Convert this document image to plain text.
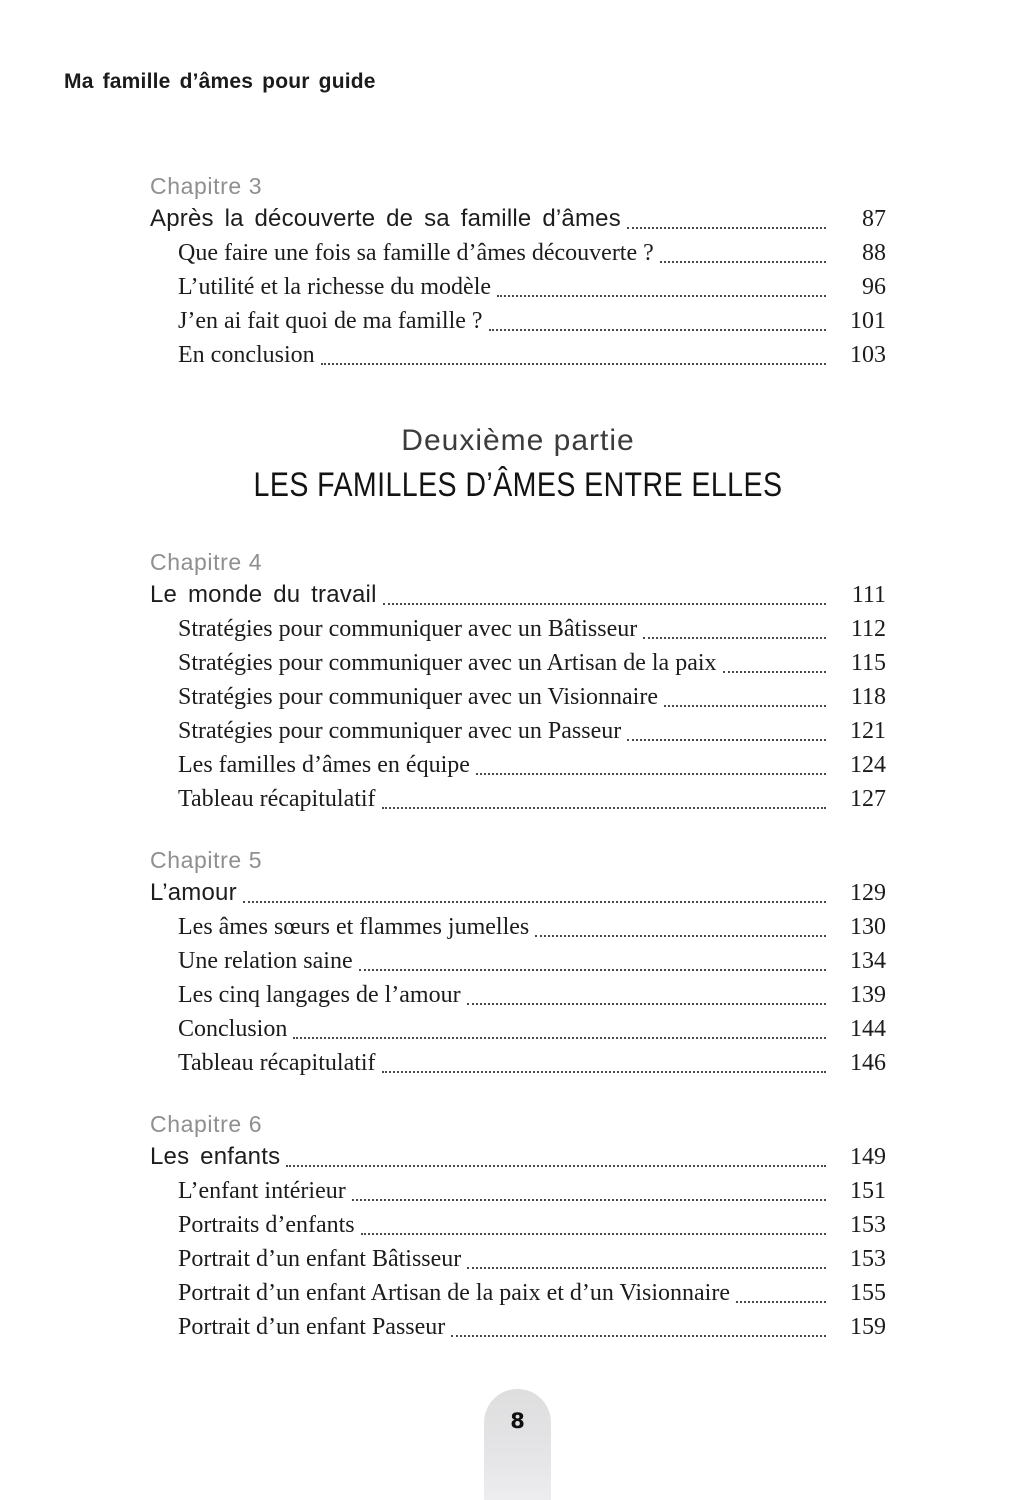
Ma famille d’âmes pour guide
Chapitre 3
Après la découverte de sa famille d’âmes	87
Que faire une fois sa famille d’âmes découverte ?	88
L’utilité et la richesse du modèle	96
J’en ai fait quoi de ma famille ?	101
En conclusion	103
Deuxième partie
LES FAMILLES D’ÂMES ENTRE ELLES
Chapitre 4
Le monde du travail	111
Stratégies pour communiquer avec un Bâtisseur	112
Stratégies pour communiquer avec un Artisan de la paix	115
Stratégies pour communiquer avec un Visionnaire	118
Stratégies pour communiquer avec un Passeur	121
Les familles d’âmes en équipe	124
Tableau récapitulatif	127
Chapitre 5
L’amour	129
Les âmes sœurs et flammes jumelles	130
Une relation saine	134
Les cinq langages de l’amour	139
Conclusion	144
Tableau récapitulatif	146
Chapitre 6
Les enfants	149
L’enfant intérieur	151
Portraits d’enfants	153
Portrait d’un enfant Bâtisseur	153
Portrait d’un enfant Artisan de la paix et d’un Visionnaire	155
Portrait d’un enfant Passeur	159
8
